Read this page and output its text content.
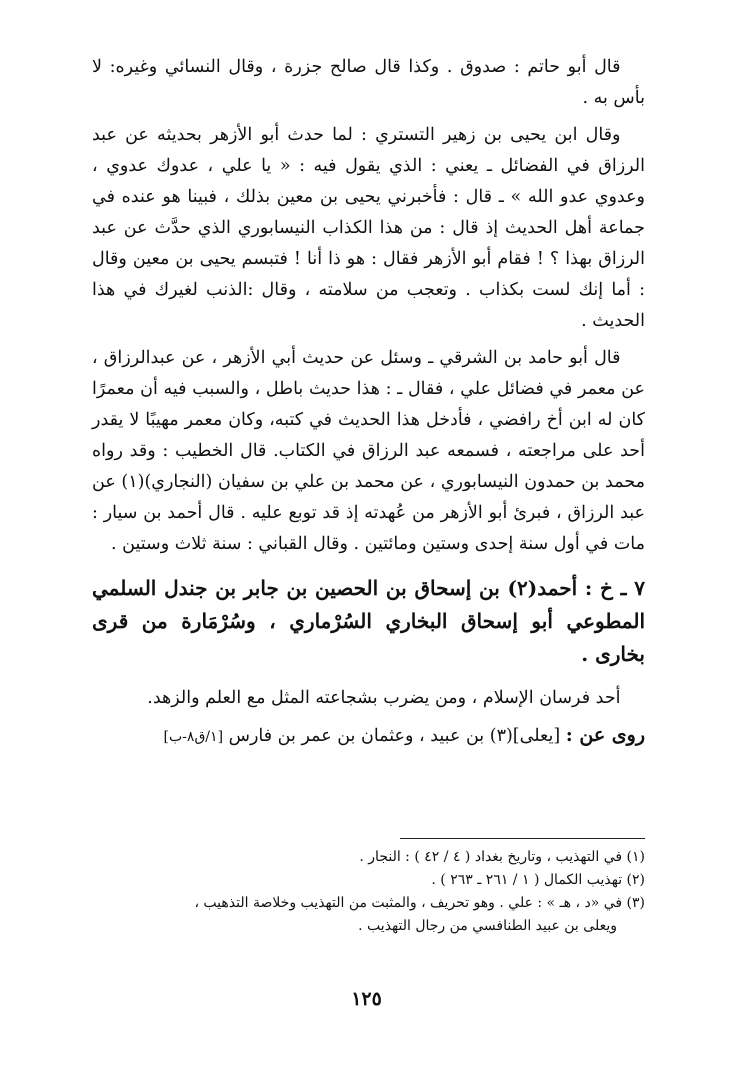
قال أبو حاتم : صدوق . وكذا قال صالح جزرة ، وقال النسائي وغيره: لا بأس به .

وقال ابن يحيى بن زهير التستري : لما حدث أبو الأزهر بحديثه عن عبد الرزاق في الفضائل ـ يعني : الذي يقول فيه : « يا علي ، عدوك عدوي ، وعدوي عدو الله » ـ قال : فأخبرني يحيى بن معين بذلك ، فبينا هو عنده في جماعة أهل الحديث إذ قال : من هذا الكذاب النيسابوري الذي حدَّث عن عبد الرزاق بهذا ؟ ! فقام أبو الأزهر فقال : هو ذا أنا ! فتبسم يحيى بن معين وقال : أما إنك لست بكذاب . وتعجب من سلامته ، وقال :الذنب لغيرك في هذا الحديث .

قال أبو حامد بن الشرقي ـ وسئل عن حديث أبي الأزهر ، عن عبدالرزاق ، عن معمر في فضائل علي ، فقال ـ : هذا حديث باطل ، والسبب فيه أن معمرًا كان له ابن أخ رافضي ، فأدخل هذا الحديث في كتبه، وكان معمر مهيبًا لا يقدر أحد على مراجعته ، فسمعه عبد الرزاق في الكتاب. قال الخطيب : وقد رواه محمد بن حمدون النيسابوري ، عن محمد بن علي بن سفيان (النجاري)(١) عن عبد الرزاق ، فبرئ أبو الأزهر من عُهدته إذ قد توبع عليه . قال أحمد بن سيار : مات في أول سنة إحدى وستين ومائتين . وقال القباني : سنة ثلاث وستين .

٧ ـ خ : أحمد(٢) بن إسحاق بن الحصين بن جابر بن جندل السلمي المطوعي أبو إسحاق البخاري السُرْماري ، وسُرْمَارة من قرى بخارى .

أحد فرسان الإسلام ، ومن يضرب بشجاعته المثل مع العلم والزهد.

روى عن : [يعلى](٣) بن عبيد ، وعثمان بن عمر بن فارس [١/ق٨-ب]

(١) في التهذيب ، وتاريخ بغداد ( ٤ / ٤٢ ) : النجار .

(٢) تهذيب الكمال ( ١ / ٢٦١ ـ ٢٦٣ ) .

(٣) في «د ، هـ » : علي . وهو تحريف ، والمثبت من التهذيب وخلاصة التذهيب ،

ويعلى بن عبيد الطنافسي من رجال التهذيب .

١٢٥
